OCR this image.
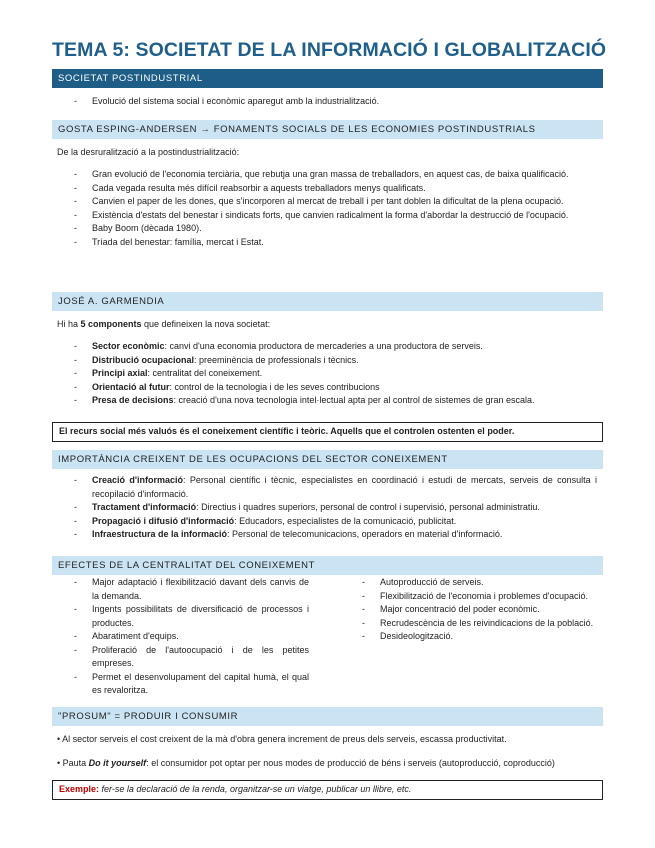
TEMA 5: SOCIETAT DE LA INFORMACIÓ I GLOBALITZACIÓ
SOCIETAT POSTINDUSTRIAL
- Evolució del sistema social i econòmic aparegut amb la industrialització.
GOSTA ESPING-ANDERSEN → FONAMENTS SOCIALS DE LES ECONOMIES POSTINDUSTRIALS

De la desruralització a la postindustrialització:

- Gran evolució de l'economia terciària, que rebutja una gran massa de treballadors, en aquest cas, de baixa qualificació.
- Cada vegada resulta més difícil reabsorbir a aquests treballadors menys qualificats.
- Canvien el paper de les dones, que s'incorporen al mercat de treball i per tant doblen la dificultat de la plena ocupació.
- Existència d'estats del benestar i sindicats forts, que canvien radicalment la forma d'abordar la destrucció de l'ocupació.
- Baby Boom (dècada 1980).
- Tríada del benestar: família, mercat i Estat.
JOSÉ A. GARMENDIA

Hi ha 5 components que defineixen la nova societat:

- Sector econòmic: canvi d'una economia productora de mercaderies a una productora de serveis.
- Distribució ocupacional: preeminència de professionals i tècnics.
- Principi axial: centralitat del coneixement.
- Orientació al futur: control de la tecnologia i de les seves contribucions
- Presa de decisions: creació d'una nova tecnologia intel·lectual apta per al control de sistemes de gran escala.
El recurs social més valuós és el coneixement científic i teòric. Aquells que el controlen ostenten el poder.
IMPORTÀNCIA CREIXENT DE LES OCUPACIONS DEL SECTOR CONEIXEMENT
- Creació d'informació: Personal científic i tècnic, especialistes en coordinació i estudi de mercats, serveis de consulta i recopilació d'informació.
- Tractament d'informació: Directius i quadres superiors, personal de control i supervisió, personal administratiu.
- Propagació i difusió d'informació: Educadors, especialistes de la comunicació, publicitat.
- Infraestructura de la informació: Personal de telecomunicacions, operadors en material d'informació.
EFECTES DE LA CENTRALITAT DEL CONEIXEMENT
- Major adaptació i flexibilització davant dels canvis de la demanda.
- Ingents possibilitats de diversificació de processos i productes.
- Abaratiment d'equips.
- Proliferació de l'autoocupació i de les petites empreses.
- Permet el desenvolupament del capital humà, el qual es revaloritza.
- Autoproducció de serveis.
- Flexibilització de l'economia i problemes d'ocupació.
- Major concentració del poder econòmic.
- Recrudescència de les reivindicacions de la població.
- Desideologització.
"PROSUM" = PRODUIR I CONSUMIR

• Al sector serveis el cost creixent de la mà d'obra genera increment de preus dels serveis, escassa productivitat.

• Pauta Do it yourself: el consumidor pot optar per nous modes de producció de béns i serveis (autoproducció, coproducció)

Exemple: fer-se la declaració de la renda, organitzar-se un viatge, publicar un llibre, etc.
